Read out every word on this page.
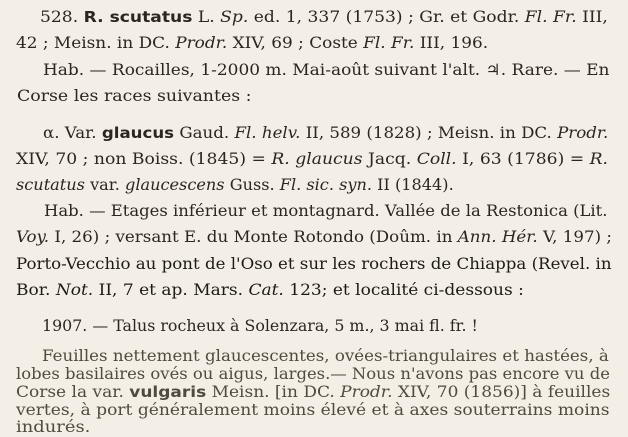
528. R. scutatus L. Sp. ed. 1, 337 (1753) ; Gr. et Godr. Fl. Fr. III,
42 ; Meisn. in DC. Prodr. XIV, 69 ; Coste Fl. Fr. III, 196.
Hab. — Rocailles, 1-2000 m. Mai-août suivant l'alt. ♃. Rare. — En
Corse les races suivantes :
α. Var. glaucus Gaud. Fl. helv. II, 589 (1828) ; Meisn. in DC. Prodr.
XIV, 70 ; non Boiss. (1845) = R. glaucus Jacq. Coll. I, 63 (1786) = R.
scutatus var. glaucescens Guss. Fl. sic. syn. II (1844).
Hab. — Etages inférieur et montagnard. Vallée de la Restonica (Lit.
Voy. I, 26) ; versant E. du Monte Rotondo (Doûm. in Ann. Hér. V, 197) ;
Porto-Vecchio au pont de l'Oso et sur les rochers de Chiappa (Revel. in
Bor. Not. II, 7 et ap. Mars. Cat. 123; et localité ci-dessous :
1907. — Talus rocheux à Solenzara, 5 m., 3 mai fl. fr. !
Feuilles nettement glaucescentes, ovées-triangulaires et hastées, à
lobes basilaires ovés ou aigus, larges.— Nous n'avons pas encore vu de
Corse la var. vulgaris Meisn. [in DC. Prodr. XIV, 70 (1856)] à feuilles
vertes, à port généralement moins élevé et à axes souterrains moins
indurés.
